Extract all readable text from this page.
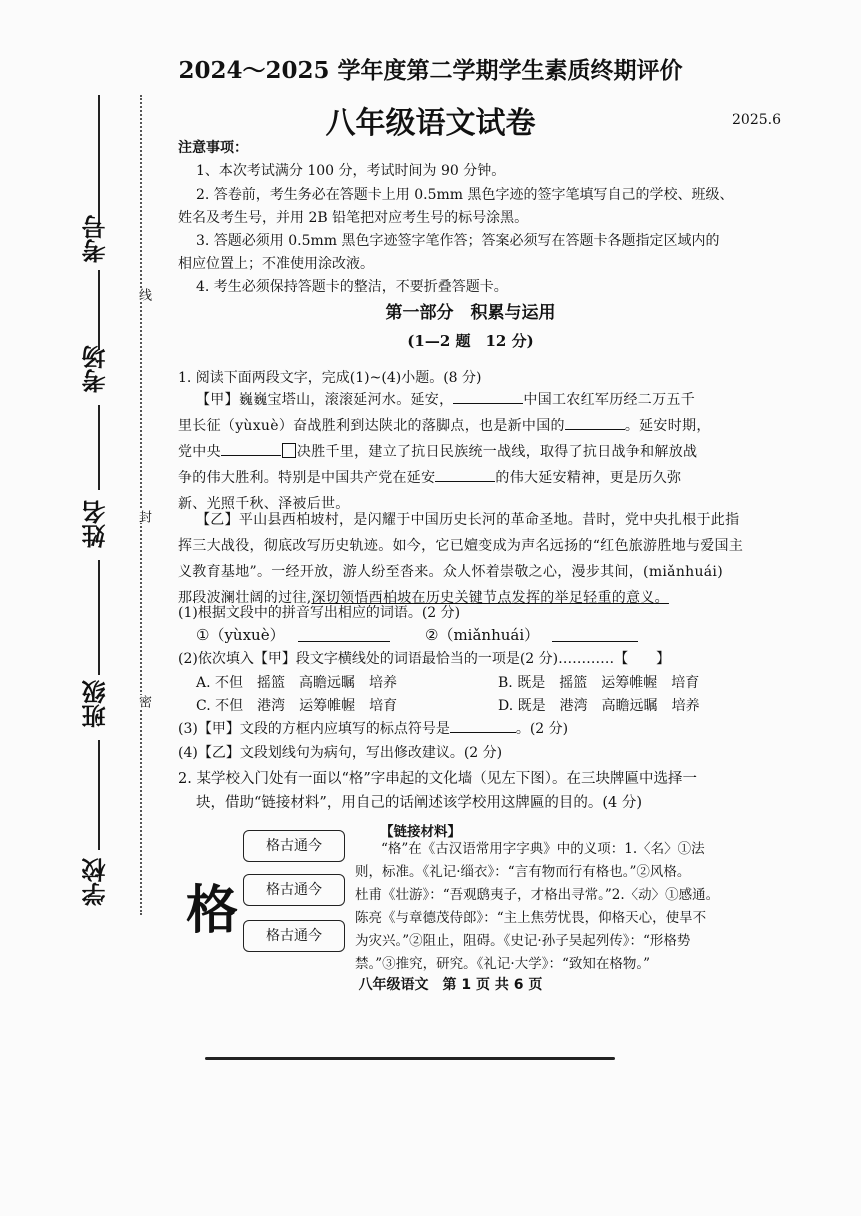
考号
考场
姓名
班级
学校
线
封
密
2024～2025 学年度第二学期学生素质终期评价
八年级语文试卷	2025.6
注意事项：
1、本次考试满分 100 分，考试时间为 90 分钟。
2. 答卷前，考生务必在答题卡上用 0.5mm 黑色字迹的签字笔填写自己的学校、班级、
姓名及考生号，并用 2B 铅笔把对应考生号的标号涂黑。
3. 答题必须用 0.5mm 黑色字迹签字笔作答；答案必须写在答题卡各题指定区域内的
相应位置上；不准使用涂改液。
4. 考生必须保持答题卡的整洁，不要折叠答题卡。
第一部分　积累与运用
(1—2 题　12 分)
1. 阅读下面两段文字，完成(1)~(4)小题。(8 分)
【甲】巍巍宝塔山，滚滚延河水。延安，	中国工农红军历经二万五千
里长征（yùxuè）奋战胜利到达陕北的落脚点，也是新中国的	。延安时期，
党中央	决胜千里，建立了抗日民族统一战线，取得了抗日战争和解放战
争的伟大胜利。特别是中国共产党在延安	的伟大延安精神，更是历久弥
新、光照千秋、泽被后世。
【乙】平山县西柏坡村，是闪耀于中国历史长河的革命圣地。昔时，党中央扎根于此指
挥三大战役，彻底改写历史轨迹。如今，它已嬗变成为声名远扬的“红色旅游胜地与爱国主
义教育基地”。一经开放，游人纷至沓来。众人怀着崇敬之心，漫步其间，(miǎnhuái)
那段波澜壮阔的过往,深切领悟西柏坡在历史关键节点发挥的举足轻重的意义。
(1)根据文段中的拼音写出相应的词语。(2 分)
①（yùxuè）	②（miǎnhuái）
(2)依次填入【甲】段文字横线处的词语最恰当的一项是(2 分)…………【　　】
A. 不但　 摇篮　 高瞻远瞩　 培养	B. 既是　 摇篮　 运筹帷幄　 培育
C. 不但　 港湾　 运筹帷幄　 培育	D. 既是　 港湾　 高瞻远瞩　 培养
(3)【甲】文段的方框内应填写的标点符号是	。(2 分)
(4)【乙】文段划线句为病句，写出修改建议。(2 分)
2. 某学校入门处有一面以“格”字串起的文化墙（见左下图）。在三块牌匾中选择一
块，借助“链接材料”，用自己的话阐述该学校用这牌匾的目的。(4 分)
格
格古通今
格古通今
格古通今
【链接材料】
“格”在《古汉语常用字字典》中的义项：1.〈名〉①法
则，标准。《礼记·缁衣》：“言有物而行有格也。”②风格。
杜甫《壮游》：“吾观鸱夷子，才格出寻常。”2.〈动〉①感通。
陈亮《与章德茂侍郎》：“主上焦劳忧畏，仰格天心，使旱不
为灾兴。”②阻止，阻碍。《史记·孙子吴起列传》：“形格势
禁。”③推究，研究。《礼记·大学》：“致知在格物。”
八年级语文　第 1 页 共 6 页
